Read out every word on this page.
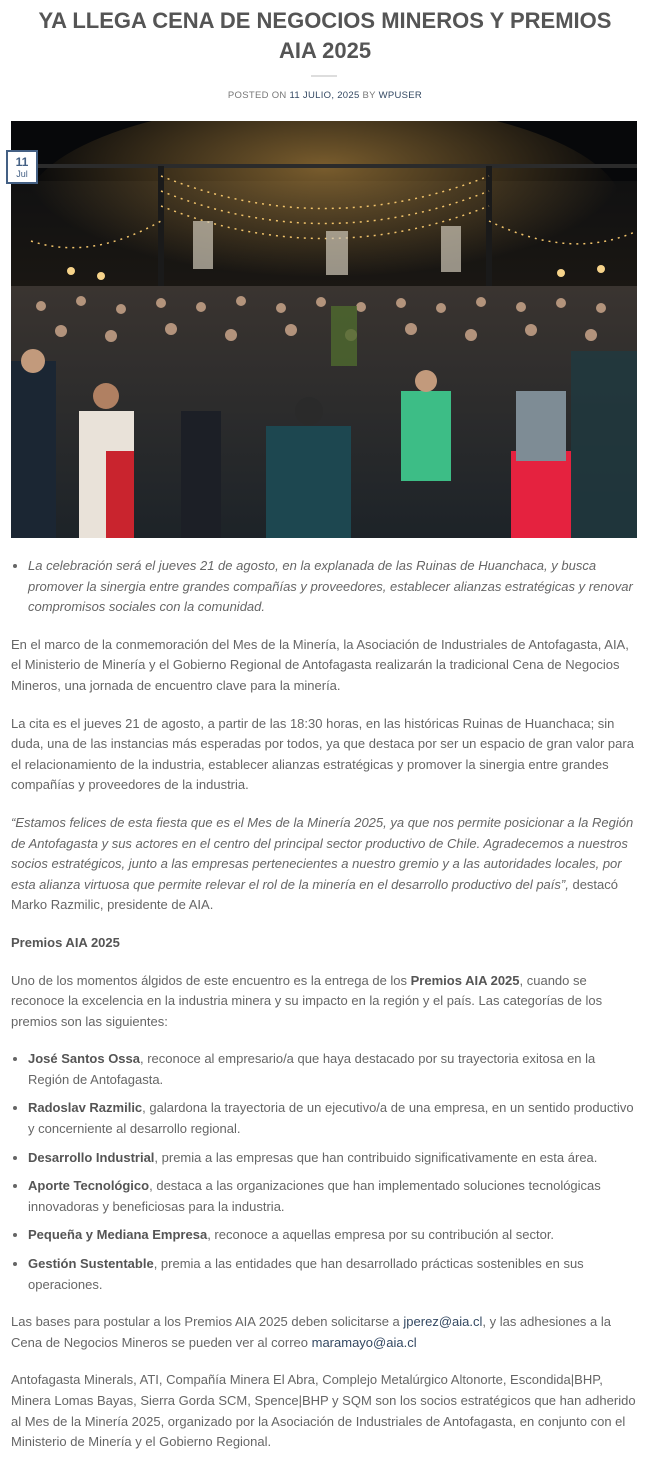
YA LLEGA CENA DE NEGOCIOS MINEROS Y PREMIOS AIA 2025
POSTED ON 11 JULIO, 2025 BY WPUSER
11
Jul
• La celebración será el jueves 21 de agosto, en la explanada de las Ruinas de Huanchaca, y busca promover la sinergia entre grandes compañías y proveedores, establecer alianzas estratégicas y renovar compromisos sociales con la comunidad.

En el marco de la conmemoración del Mes de la Minería, la Asociación de Industriales de Antofagasta, AIA, el Ministerio de Minería y el Gobierno Regional de Antofagasta realizarán la tradicional Cena de Negocios Mineros, una jornada de encuentro clave para la minería.

La cita es el jueves 21 de agosto, a partir de las 18:30 horas, en las históricas Ruinas de Huanchaca; sin duda, una de las instancias más esperadas por todos, ya que destaca por ser un espacio de gran valor para el relacionamiento de la industria, establecer alianzas estratégicas y promover la sinergia entre grandes compañías y proveedores de la industria.

“Estamos felices de esta fiesta que es el Mes de la Minería 2025, ya que nos permite posicionar a la Región de Antofagasta y sus actores en el centro del principal sector productivo de Chile. Agradecemos a nuestros socios estratégicos, junto a las empresas pertenecientes a nuestro gremio y a las autoridades locales, por esta alianza virtuosa que permite relevar el rol de la minería en el desarrollo productivo del país”, destacó Marko Razmilic, presidente de AIA.

Premios AIA 2025

Uno de los momentos álgidos de este encuentro es la entrega de los Premios AIA 2025, cuando se reconoce la excelencia en la industria minera y su impacto en la región y el país. Las categorías de los premios son las siguientes:

• José Santos Ossa, reconoce al empresario/a que haya destacado por su trayectoria exitosa en la Región de Antofagasta.
• Radoslav Razmilic, galardona la trayectoria de un ejecutivo/a de una empresa, en un sentido productivo y concerniente al desarrollo regional.
• Desarrollo Industrial, premia a las empresas que han contribuido significativamente en esta área.
• Aporte Tecnológico, destaca a las organizaciones que han implementado soluciones tecnológicas innovadoras y beneficiosas para la industria.
• Pequeña y Mediana Empresa, reconoce a aquellas empresa por su contribución al sector.
• Gestión Sustentable, premia a las entidades que han desarrollado prácticas sostenibles en sus operaciones.

Las bases para postular a los Premios AIA 2025 deben solicitarse a jperez@aia.cl, y las adhesiones a la Cena de Negocios Mineros se pueden ver al correo maramayo@aia.cl

Antofagasta Minerals, ATI, Compañía Minera El Abra, Complejo Metalúrgico Altonorte, Escondida|BHP, Minera Lomas Bayas, Sierra Gorda SCM, Spence|BHP y SQM son los socios estratégicos que han adherido al Mes de la Minería 2025, organizado por la Asociación de Industriales de Antofagasta, en conjunto con el Ministerio de Minería y el Gobierno Regional.
